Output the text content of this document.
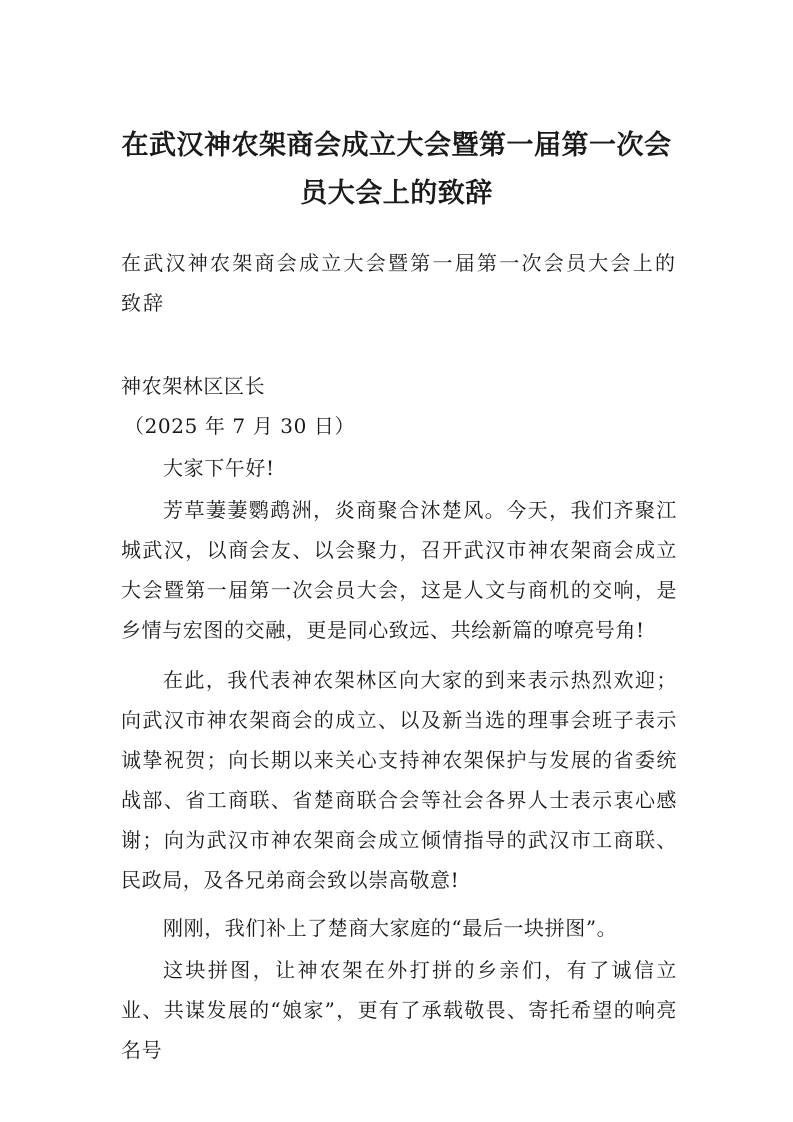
在武汉神农架商会成立大会暨第一届第一次会员大会上的致辞

在武汉神农架商会成立大会暨第一届第一次会员大会上的致辞

神农架林区区长

（2025 年 7 月 30 日）

大家下午好!

芳草萋萋鹦鹉洲，炎商聚合沐楚风。今天，我们齐聚江城武汉，以商会友、以会聚力，召开武汉市神农架商会成立大会暨第一届第一次会员大会，这是人文与商机的交响，是乡情与宏图的交融，更是同心致远、共绘新篇的嘹亮号角!

在此，我代表神农架林区向大家的到来表示热烈欢迎；向武汉市神农架商会的成立、以及新当选的理事会班子表示诚挚祝贺；向长期以来关心支持神农架保护与发展的省委统战部、省工商联、省楚商联合会等社会各界人士表示衷心感谢；向为武汉市神农架商会成立倾情指导的武汉市工商联、民政局，及各兄弟商会致以崇高敬意!

刚刚，我们补上了楚商大家庭的“最后一块拼图”。

这块拼图，让神农架在外打拼的乡亲们，有了诚信立业、共谋发展的“娘家”，更有了承载敬畏、寄托希望的响亮名号
